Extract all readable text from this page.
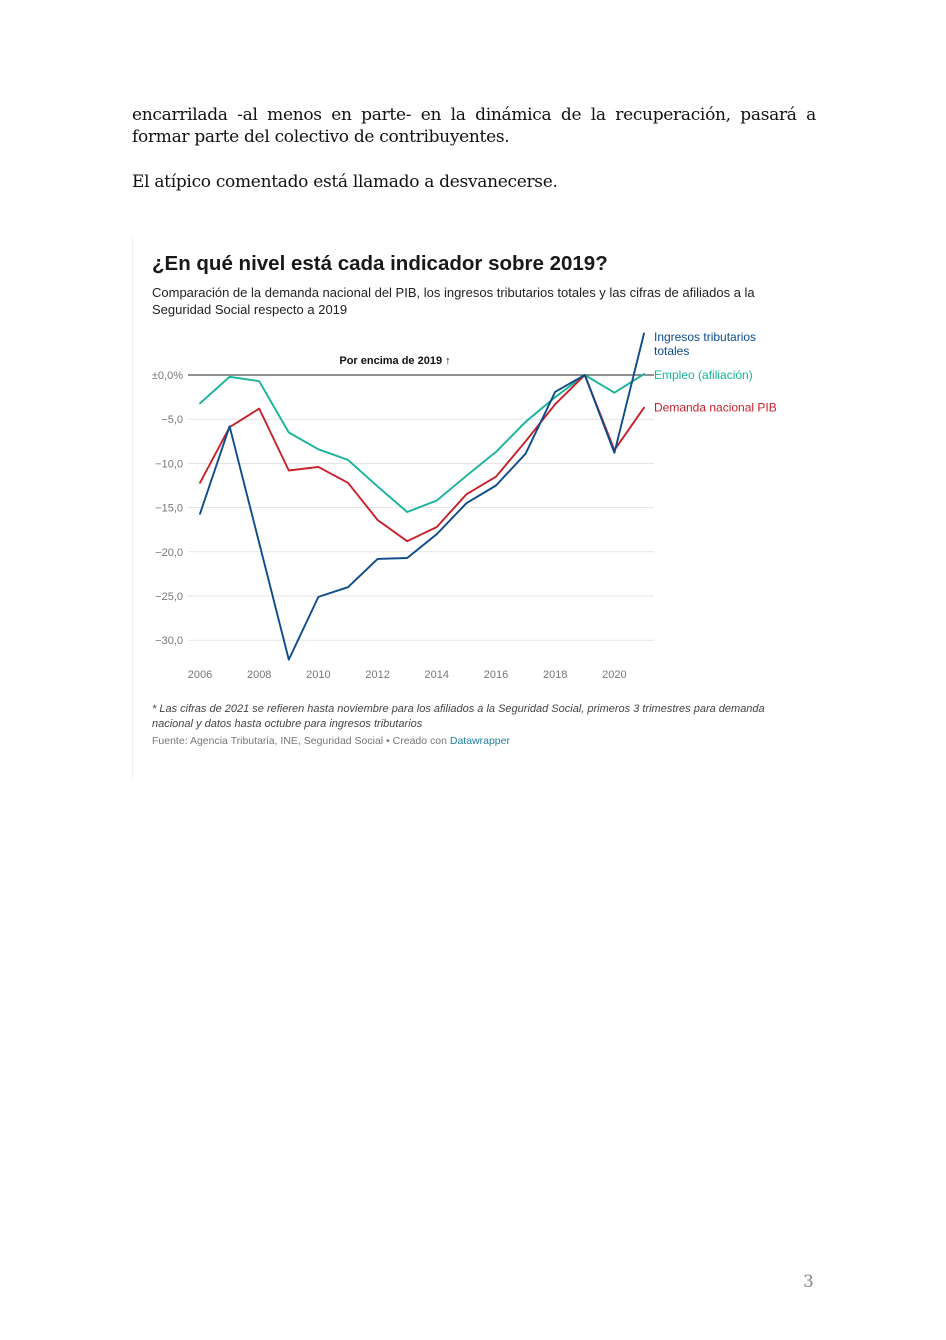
encarrilada -al menos en parte- en la dinámica de la recuperación, pasará a formar parte del colectivo de contribuyentes.

El atípico comentado está llamado a desvanecerse.

¿En qué nivel está cada indicador sobre 2019?

Comparación de la demanda nacional del PIB, los ingresos tributarios totales y las cifras de afiliados a la Seguridad Social respecto a 2019

±0,0%
−5,0
−10,0
−15,0
−20,0
−25,0
−30,0
2006	2008	2010	2012	2014	2016	2018	2020
Por encima de 2019 ↑
Ingresos tributarios
totales
Empleo (afiliación)
Demanda nacional PIB

* Las cifras de 2021 se refieren hasta noviembre para los afiliados a la Seguridad Social, primeros 3 trimestres para demanda nacional y datos hasta octubre para ingresos tributarios

Fuente: Agencia Tributaria, INE, Seguridad Social • Creado con Datawrapper

3
